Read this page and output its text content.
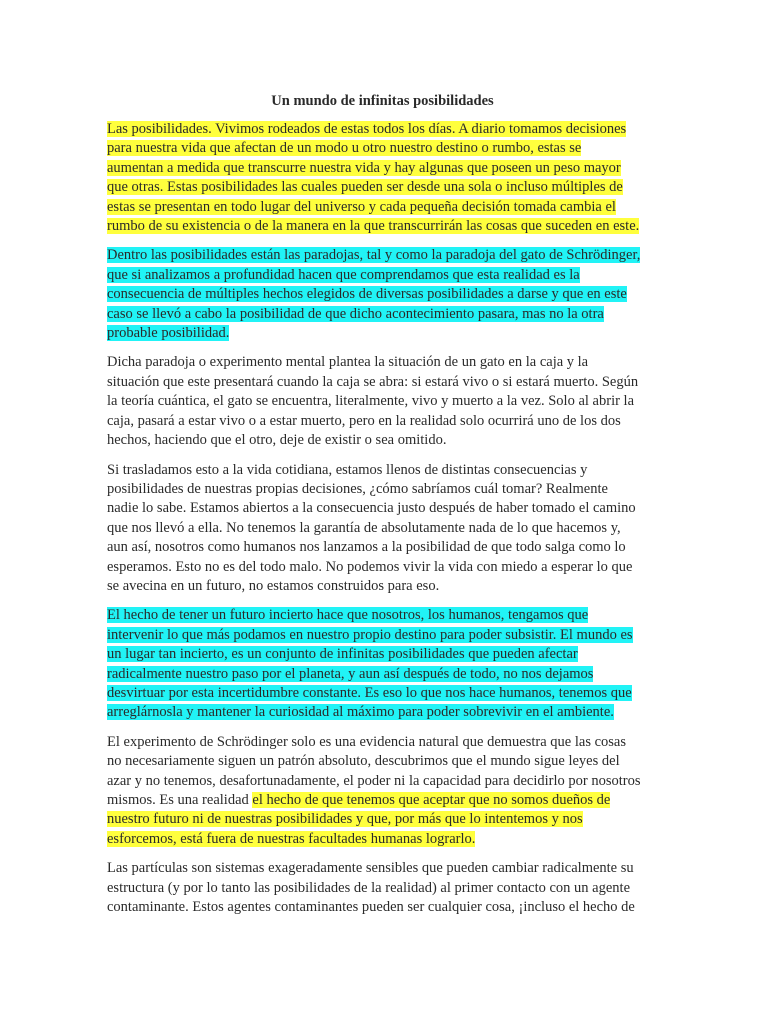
Un mundo de infinitas posibilidades
Las posibilidades. Vivimos rodeados de estas todos los días. A diario tomamos decisiones
para nuestra vida que afectan de un modo u otro nuestro destino o rumbo, estas se
aumentan a medida que transcurre nuestra vida y hay algunas que poseen un peso mayor
que otras. Estas posibilidades las cuales pueden ser desde una sola o incluso múltiples de
estas se presentan en todo lugar del universo y cada pequeña decisión tomada cambia el
rumbo de su existencia o de la manera en la que transcurrirán las cosas que suceden en este.
Dentro las posibilidades están las paradojas, tal y como la paradoja del gato de Schrödinger,
que si analizamos a profundidad hacen que comprendamos que esta realidad es la
consecuencia de múltiples hechos elegidos de diversas posibilidades a darse y que en este
caso se llevó a cabo la posibilidad de que dicho acontecimiento pasara, mas no la otra
probable posibilidad.
Dicha paradoja o experimento mental plantea la situación de un gato en la caja y la
situación que este presentará cuando la caja se abra: si estará vivo o si estará muerto. Según
la teoría cuántica, el gato se encuentra, literalmente, vivo y muerto a la vez. Solo al abrir la
caja, pasará a estar vivo o a estar muerto, pero en la realidad solo ocurrirá uno de los dos
hechos, haciendo que el otro, deje de existir o sea omitido.
Si trasladamos esto a la vida cotidiana, estamos llenos de distintas consecuencias y
posibilidades de nuestras propias decisiones, ¿cómo sabríamos cuál tomar? Realmente
nadie lo sabe. Estamos abiertos a la consecuencia justo después de haber tomado el camino
que nos llevó a ella. No tenemos la garantía de absolutamente nada de lo que hacemos y,
aun así, nosotros como humanos nos lanzamos a la posibilidad de que todo salga como lo
esperamos. Esto no es del todo malo. No podemos vivir la vida con miedo a esperar lo que
se avecina en un futuro, no estamos construidos para eso.
El hecho de tener un futuro incierto hace que nosotros, los humanos, tengamos que
intervenir lo que más podamos en nuestro propio destino para poder subsistir. El mundo es
un lugar tan incierto, es un conjunto de infinitas posibilidades que pueden afectar
radicalmente nuestro paso por el planeta, y aun así después de todo, no nos dejamos
desvirtuar por esta incertidumbre constante. Es eso lo que nos hace humanos, tenemos que
arreglárnosla y mantener la curiosidad al máximo para poder sobrevivir en el ambiente.
El experimento de Schrödinger solo es una evidencia natural que demuestra que las cosas
no necesariamente siguen un patrón absoluto, descubrimos que el mundo sigue leyes del
azar y no tenemos, desafortunadamente, el poder ni la capacidad para decidirlo por nosotros
mismos. Es una realidad el hecho de que tenemos que aceptar que no somos dueños de
nuestro futuro ni de nuestras posibilidades y que, por más que lo intentemos y nos
esforcemos, está fuera de nuestras facultades humanas lograrlo.
Las partículas son sistemas exageradamente sensibles que pueden cambiar radicalmente su
estructura (y por lo tanto las posibilidades de la realidad) al primer contacto con un agente
contaminante. Estos agentes contaminantes pueden ser cualquier cosa, ¡incluso el hecho de
